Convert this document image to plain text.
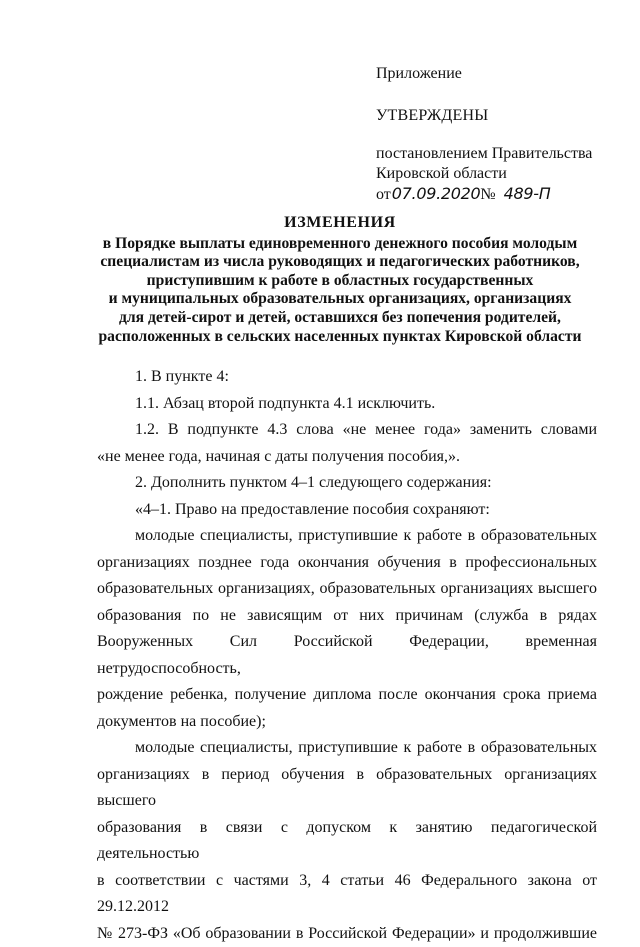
Приложение
УТВЕРЖДЕНЫ
постановлением Правительства
Кировской области
от07.09.2020№ 489-П
ИЗМЕНЕНИЯ
в Порядке выплаты единовременного денежного пособия молодым
специалистам из числа руководящих и педагогических работников,
приступившим к работе в областных государственных
и муниципальных образовательных организациях, организациях
для детей-сирот и детей, оставшихся без попечения родителей,
расположенных в сельских населенных пунктах Кировской области
1. В пункте 4:
1.1. Абзац второй подпункта 4.1 исключить.
1.2. В подпункте 4.3 слова «не менее года» заменить словами
«не менее года, начиная с даты получения пособия,».
2. Дополнить пунктом 4–1 следующего содержания:
«4–1. Право на предоставление пособия сохраняют:
молодые специалисты, приступившие к работе в образовательных
организациях позднее года окончания обучения в профессиональных
образовательных организациях, образовательных организациях высшего
образования по не зависящим от них причинам (служба в рядах
Вооруженных Сил Российской Федерации, временная нетрудоспособность,
рождение ребенка, получение диплома после окончания срока приема
документов на пособие);
молодые специалисты, приступившие к работе в образовательных
организациях в период обучения в образовательных организациях высшего
образования в связи с допуском к занятию педагогической деятельностью
в соответствии с частями 3, 4 статьи 46 Федерального закона от 29.12.2012
№ 273-ФЗ «Об образовании в Российской Федерации» и продолжившие
